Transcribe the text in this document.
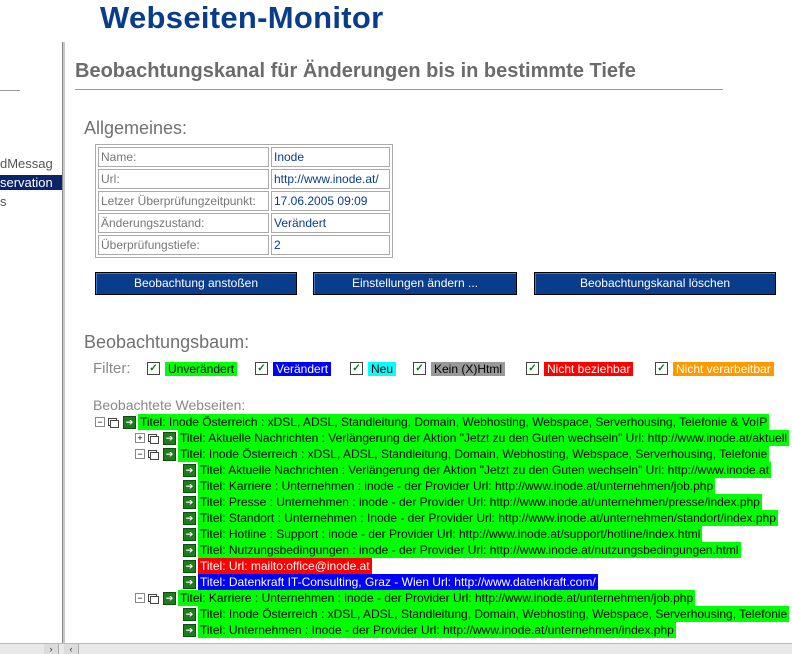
Webseiten-Monitor
dMessag
servation
s
Beobachtungskanal für Änderungen bis in bestimmte Tiefe
Allgemeines:
Name:	Inode
Url:	http://www.inode.at/
Letzer Überprüfungzeitpunkt:	17.06.2005 09:09
Änderungszustand:	Verändert
Überprüfungstiefe:	2
Beobachtung anstoßen	Einstellungen ändern ...	Beobachtungskanal löschen
Beobachtungsbaum:
Filter: ✓ Unverändert	✓ Verändert	✓ Neu	✓ Kein (X)Html	✓ Nicht beziehbar	✓ Nicht verarbeitbar
Beobachtete Webseiten:
−	➔ Titel: Inode Österreich : xDSL, ADSL, Standleitung, Domain, Webhosting, Webspace, Serverhousing, Telefonie & VoIP
+	➔ Titel: Aktuelle Nachrichten : Verlängerung der Aktion "Jetzt zu den Guten wechseln" Url: http://www.inode.at/aktuell
−	➔ Titel: Inode Österreich : xDSL, ADSL, Standleitung, Domain, Webhosting, Webspace, Serverhousing, Telefonie
➔ Titel: Aktuelle Nachrichten : Verlängerung der Aktion "Jetzt zu den Guten wechseln" Url: http://www.inode.at
➔ Titel: Karriere : Unternehmen : inode - der Provider Url: http://www.inode.at/unternehmen/job.php
➔ Titel: Presse : Unternehmen : inode - der Provider Url: http://www.inode.at/unternehmen/presse/index.php
➔ Titel: Standort : Unternehmen : Inode - der Provider Url: http://www.inode.at/unternehmen/standort/index.php
➔ Titel: Hotline : Support : inode - der Provider Url: http://www.inode.at/support/hotline/index.html
➔ Titel: Nutzungsbedingungen : inode - der Provider Url: http://www.inode.at/nutzungsbedingungen.html
➔ Titel: Url: mailto:office@inode.at
➔ Titel: Datenkraft IT-Consulting, Graz - Wien Url: http://www.datenkraft.com/
−	➔ Titel: Karriere : Unternehmen : inode - der Provider Url: http://www.inode.at/unternehmen/job.php
➔ Titel: Inode Österreich : xDSL, ADSL, Standleitung, Domain, Webhosting, Webspace, Serverhousing, Telefonie
➔ Titel: Unternehmen : Inode - der Provider Url: http://www.inode.at/unternehmen/index.php
›	‹
